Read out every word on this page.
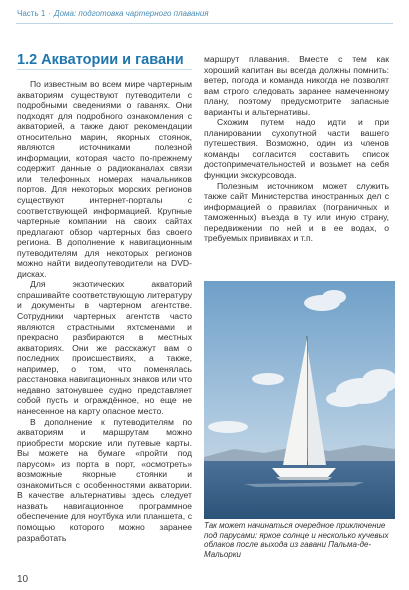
Часть 1 · Дома: подготовка чартерного плавания
1.2 Акватории и гавани

По известным во всем мире чартерным акваториям существуют путеводители с подробными сведениями о гаванях. Они подходят для подробного ознакомления с акваторией, а также дают рекомендации относительно марин, якорных стоянок, являются источниками полезной информации, которая часто по-прежнему содержит данные о радиоканалах связи или телефонных номерах начальников портов. Для некоторых морских регионов существуют интернет-порталы с соответствующей информацией. Крупные чартерные компании на своих сайтах предлагают обзор чартерных баз своего региона. В дополнение к навигационным путеводителям для некоторых регионов можно найти видеопутеводители на DVD-дисках.

Для экзотических акваторий спрашивайте соответствующую литературу и документы в чартерном агентстве. Сотрудники чартерных агентств часто являются страстными яхтсменами и прекрасно разбираются в местных акваториях. Они же расскажут вам о последних происшествиях, а также, например, о том, что поменялась расстановка навигационных знаков или что недавно затонувшее судно представляет собой пусть и ограждённое, но еще не нанесенное на карту опасное место.

В дополнение к путеводителям по акваториям и маршрутам можно приобрести морские или путевые карты. Вы можете на бумаге «пройти под парусом» из порта в порт, «осмотреть» возможные якорные стоянки и ознакомиться с особенностями акватории. В качестве альтернативы здесь следует назвать навигационное программное обеспечение для ноутбука или планшета, с помощью которого можно заранее разработать

маршрут плавания. Вместе с тем как хороший капитан вы всегда должны помнить: ветер, погода и команда никогда не позволят вам строго следовать заранее намеченному плану, поэтому предусмотрите запасные варианты и альтернативы.

Схожим путем надо идти и при планировании сухопутной части вашего путешествия. Возможно, один из членов команды согласится составить список достопримечательностей и возьмет на себя функции экскурсовода.

Полезным источником может служить также сайт Министерства иностранных дел с информацией о правилах (пограничных и таможенных) въезда в ту или иную страну, передвижении по ней и в ее водах, о требуемых прививках и т.п.

Так может начинаться очередное приключение под парусами: яркое солнце и несколько кучевых облаков после выхода из гавани Пальма-де-Мальорки

10
